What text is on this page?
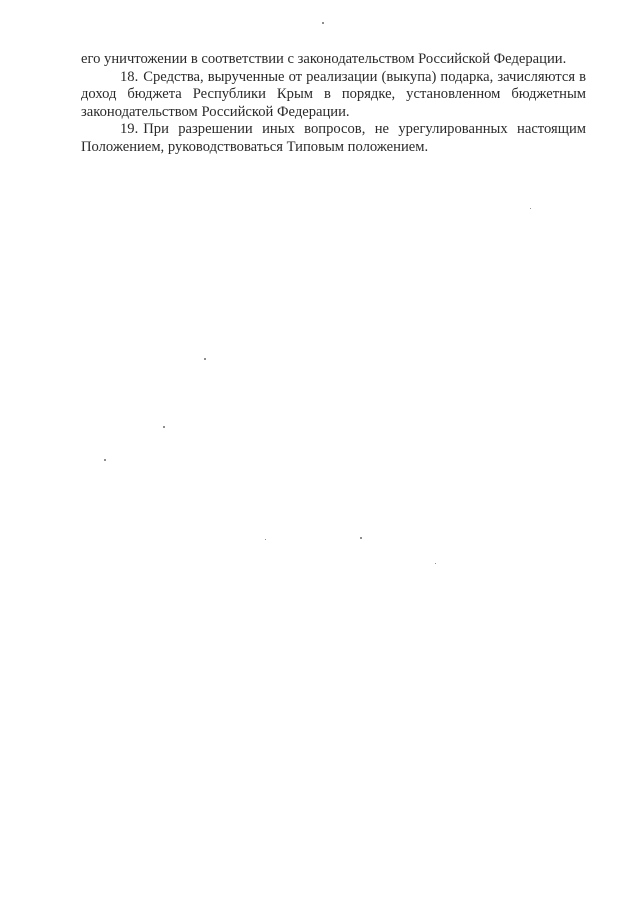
его уничтожении в соответствии с законодательством Российской Федерации.

18. Средства, вырученные от реализации (выкупа) подарка, зачисляются в доход бюджета Республики Крым в порядке, установленном бюджетным законодательством Российской Федерации.

19. При разрешении иных вопросов, не урегулированных настоящим Положением, руководствоваться Типовым положением.
